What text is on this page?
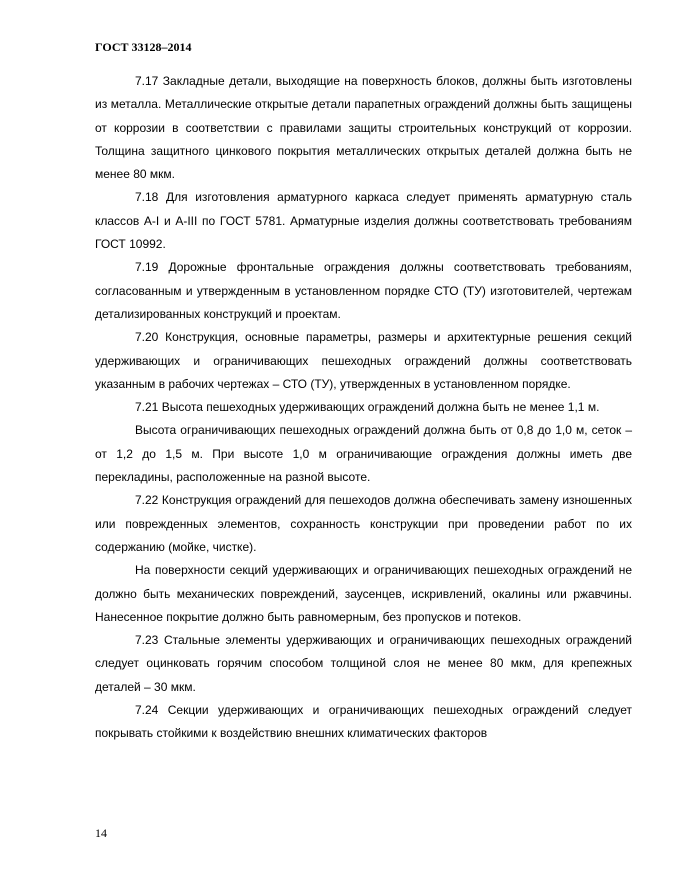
ГОСТ 33128–2014

7.17 Закладные детали, выходящие на поверхность блоков, должны быть изготовлены из металла. Металлические открытые детали парапетных ограждений должны быть защищены от коррозии в соответствии с правилами защиты строительных конструкций от коррозии. Толщина защитного цинкового покрытия металлических открытых деталей должна быть не менее 80 мкм.

7.18 Для изготовления арматурного каркаса следует применять арматурную сталь классов А-I и А-III по ГОСТ 5781. Арматурные изделия должны соответствовать требованиям ГОСТ 10992.

7.19 Дорожные фронтальные ограждения должны соответствовать требованиям, согласованным и утвержденным в установленном порядке СТО (ТУ) изготовителей, чертежам детализированных конструкций и проектам.

7.20 Конструкция, основные параметры, размеры и архитектурные решения секций удерживающих и ограничивающих пешеходных ограждений должны соответствовать указанным в рабочих чертежах – СТО (ТУ), утвержденных в установленном порядке.

7.21 Высота пешеходных удерживающих ограждений должна быть не менее 1,1 м.

Высота ограничивающих пешеходных ограждений должна быть от 0,8 до 1,0 м, сеток – от 1,2 до 1,5 м. При высоте 1,0 м ограничивающие ограждения должны иметь две перекладины, расположенные на разной высоте.

7.22 Конструкция ограждений для пешеходов должна обеспечивать замену изношенных или поврежденных элементов, сохранность конструкции при проведении работ по их содержанию (мойке, чистке).

На поверхности секций удерживающих и ограничивающих пешеходных ограждений не должно быть механических повреждений, заусенцев, искривлений, окалины или ржавчины. Нанесенное покрытие должно быть равномерным, без пропусков и потеков.

7.23 Стальные элементы удерживающих и ограничивающих пешеходных ограждений следует оцинковать горячим способом толщиной слоя не менее 80 мкм, для крепежных деталей – 30 мкм.

7.24 Секции удерживающих и ограничивающих пешеходных ограждений следует покрывать стойкими к воздействию внешних климатических факторов

14
